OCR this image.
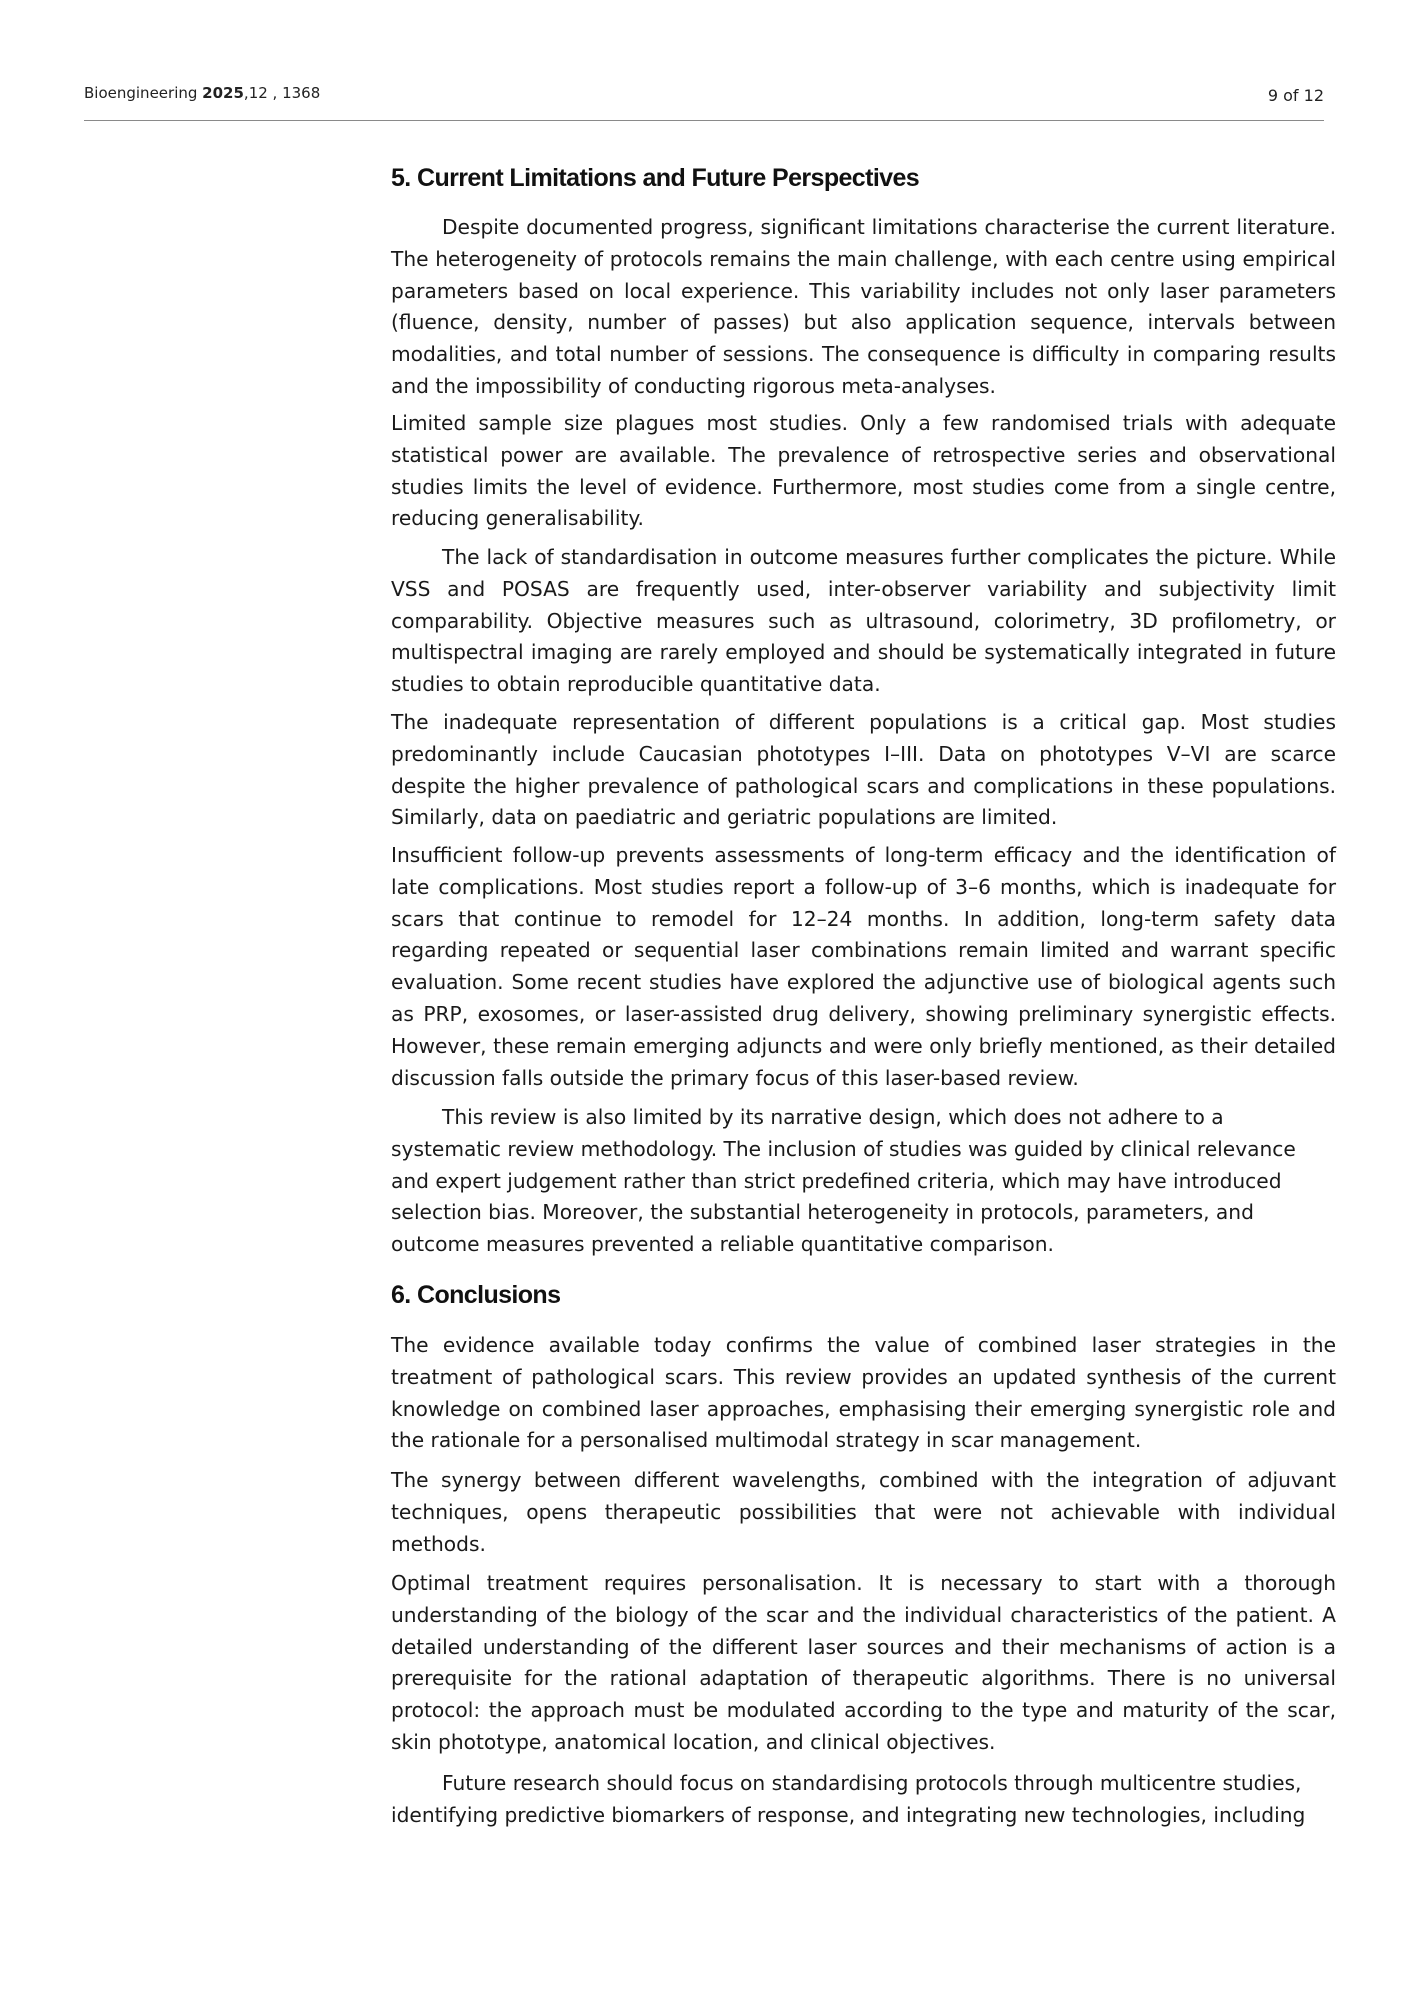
Bioengineering 2025,12 , 1368	9 of 12
5. Current Limitations and Future Perspectives

Despite documented progress, significant limitations characterise the current literature. The heterogeneity of protocols remains the main challenge, with each centre using empirical parameters based on local experience. This variability includes not only laser parameters (fluence, density, number of passes) but also application sequence, intervals between modalities, and total number of sessions. The consequence is difficulty in comparing results and the impossibility of conducting rigorous meta-analyses.

Limited sample size plagues most studies. Only a few randomised trials with adequate statistical power are available. The prevalence of retrospective series and observational studies limits the level of evidence. Furthermore, most studies come from a single centre, reducing generalisability.

The lack of standardisation in outcome measures further complicates the picture. While VSS and POSAS are frequently used, inter-observer variability and subjectivity limit comparability. Objective measures such as ultrasound, colorimetry, 3D profilometry, or multispectral imaging are rarely employed and should be systematically integrated in future studies to obtain reproducible quantitative data.

The inadequate representation of different populations is a critical gap. Most studies predominantly include Caucasian phototypes I–III. Data on phototypes V–VI are scarce despite the higher prevalence of pathological scars and complications in these populations. Similarly, data on paediatric and geriatric populations are limited.

Insufficient follow-up prevents assessments of long-term efficacy and the identification of late complications. Most studies report a follow-up of 3–6 months, which is inadequate for scars that continue to remodel for 12–24 months. In addition, long-term safety data regarding repeated or sequential laser combinations remain limited and warrant specific evaluation. Some recent studies have explored the adjunctive use of biological agents such as PRP, exosomes, or laser-assisted drug delivery, showing preliminary synergistic effects. However, these remain emerging adjuncts and were only briefly mentioned, as their detailed discussion falls outside the primary focus of this laser-based review.

This review is also limited by its narrative design, which does not adhere to a systematic review methodology. The inclusion of studies was guided by clinical relevance and expert judgement rather than strict predefined criteria, which may have introduced selection bias. Moreover, the substantial heterogeneity in protocols, parameters, and outcome measures prevented a reliable quantitative comparison.

6. Conclusions

The evidence available today confirms the value of combined laser strategies in the treatment of pathological scars. This review provides an updated synthesis of the current knowledge on combined laser approaches, emphasising their emerging synergistic role and the rationale for a personalised multimodal strategy in scar management.

The synergy between different wavelengths, combined with the integration of adjuvant techniques, opens therapeutic possibilities that were not achievable with individual methods.

Optimal treatment requires personalisation. It is necessary to start with a thorough understanding of the biology of the scar and the individual characteristics of the patient. A detailed understanding of the different laser sources and their mechanisms of action is a prerequisite for the rational adaptation of therapeutic algorithms. There is no universal protocol: the approach must be modulated according to the type and maturity of the scar, skin phototype, anatomical location, and clinical objectives.

Future research should focus on standardising protocols through multicentre studies, identifying predictive biomarkers of response, and integrating new technologies, including
